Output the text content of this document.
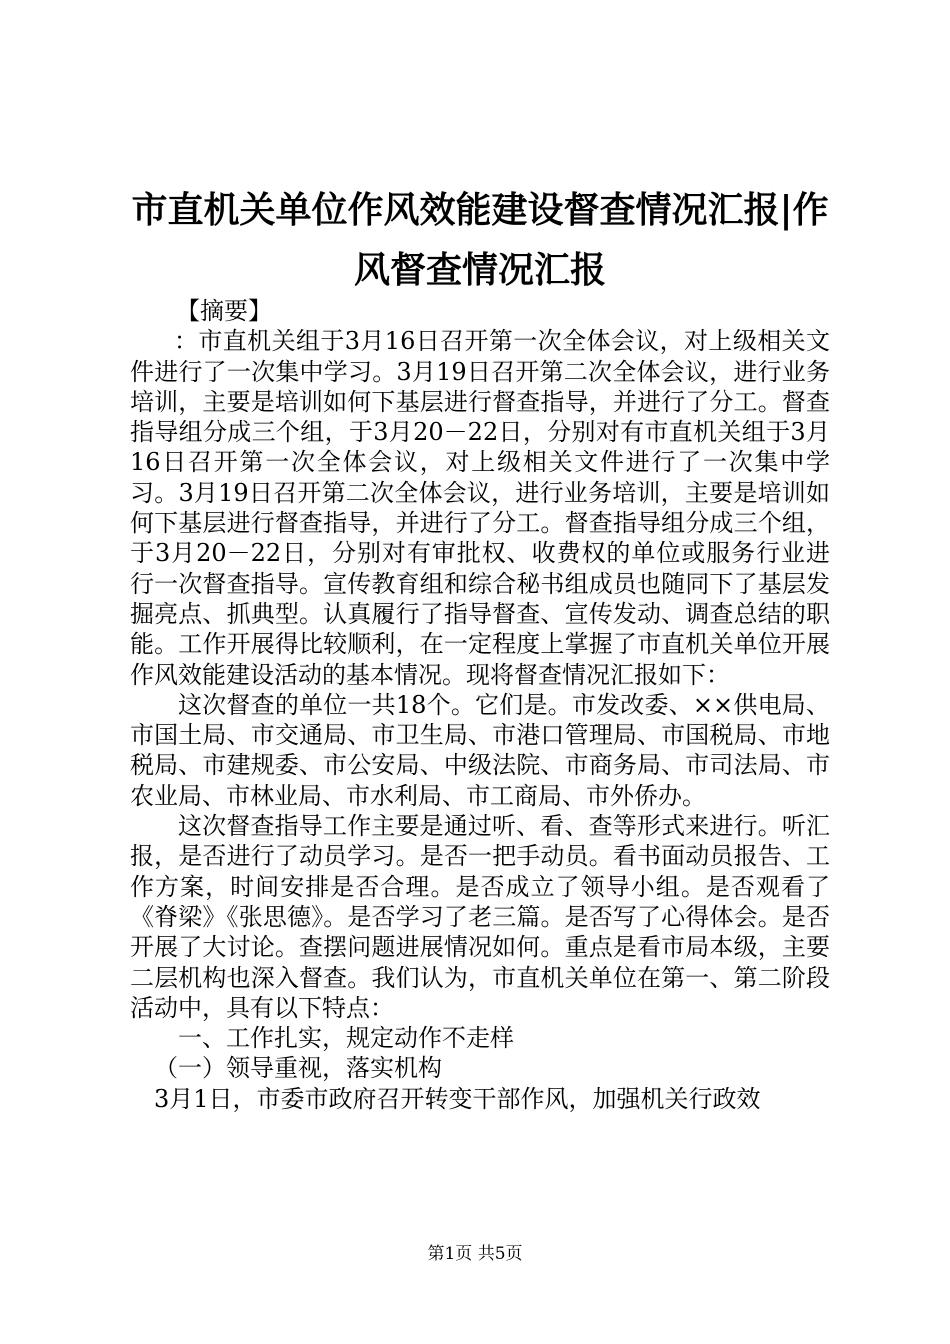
市直机关单位作风效能建设督查情况汇报|作风督查情况汇报

【摘要】

：市直机关组于3月16日召开第一次全体会议，对上级相关文件进行了一次集中学习。3月19日召开第二次全体会议，进行业务培训，主要是培训如何下基层进行督查指导，并进行了分工。督查指导组分成三个组，于3月20－22日，分别对有市直机关组于3月16日召开第一次全体会议，对上级相关文件进行了一次集中学习。3月19日召开第二次全体会议，进行业务培训，主要是培训如何下基层进行督查指导，并进行了分工。督查指导组分成三个组，于3月20－22日，分别对有审批权、收费权的单位或服务行业进行一次督查指导。宣传教育组和综合秘书组成员也随同下了基层发掘亮点、抓典型。认真履行了指导督查、宣传发动、调查总结的职能。工作开展得比较顺利，在一定程度上掌握了市直机关单位开展作风效能建设活动的基本情况。现将督查情况汇报如下：

这次督查的单位一共18个。它们是。市发改委、××供电局、市国土局、市交通局、市卫生局、市港口管理局、市国税局、市地税局、市建规委、市公安局、中级法院、市商务局、市司法局、市农业局、市林业局、市水利局、市工商局、市外侨办。

这次督查指导工作主要是通过听、看、查等形式来进行。听汇报，是否进行了动员学习。是否一把手动员。看书面动员报告、工作方案，时间安排是否合理。是否成立了领导小组。是否观看了《脊梁》《张思德》。是否学习了老三篇。是否写了心得体会。是否开展了大讨论。查摆问题进展情况如何。重点是看市局本级，主要二层机构也深入督查。我们认为，市直机关单位在第一、第二阶段活动中，具有以下特点：

一、工作扎实，规定动作不走样

（一）领导重视，落实机构

3月1日，市委市政府召开转变干部作风，加强机关行政效

第1页 共5页
